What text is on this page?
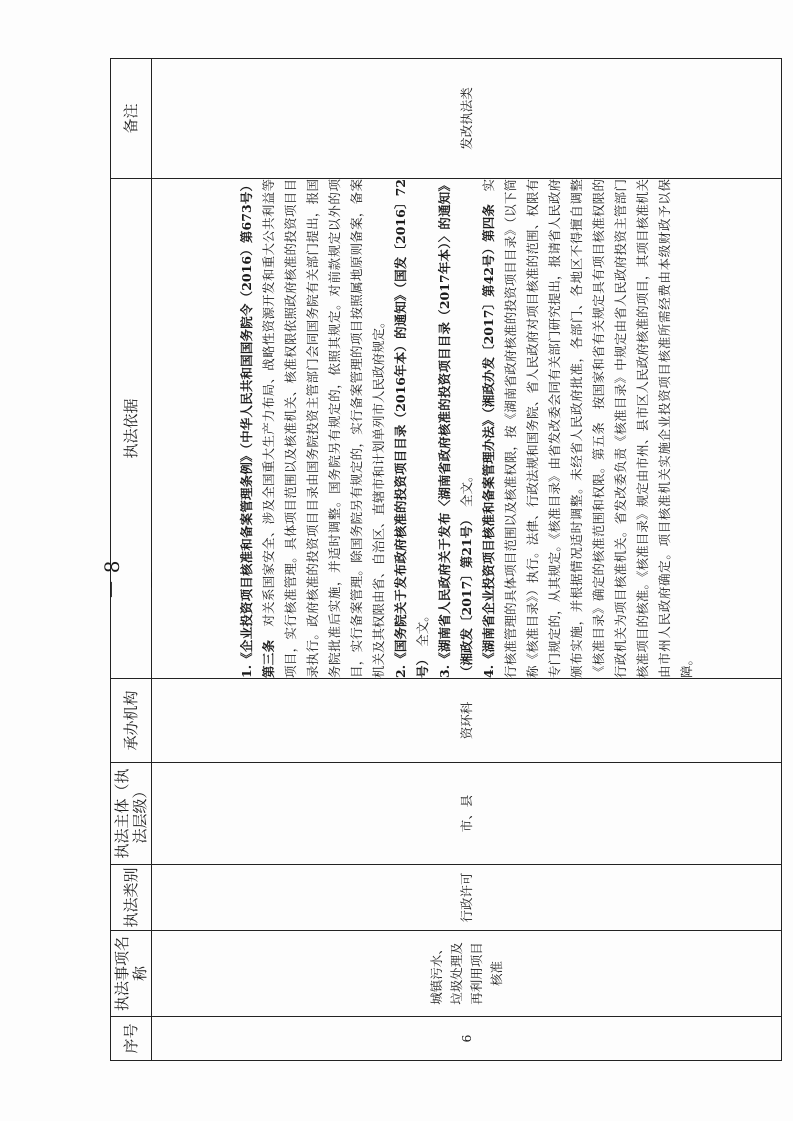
序号	执法事项名称	执法类别	执法主体（执法层级）	承办机构	执法依据	备注
6	城镇污水、垃圾处理及再利用项目核准	行政许可	市、县	资环科	1.《企业投资项目核准和备案管理条例》（中华人民共和国国务院令（2016）第673号）第三条　对关系国家安全、涉及全国重大生产力布局、战略性资源开发和重大公共利益等项目，实行核准管理。具体项目范围以及核准机关、核准权限依照政府核准的投资项目目录执行。政府核准的投资项目目录由国务院投资主管部门会同国务院有关部门提出，报国务院批准后实施，并适时调整。国务院另有规定的，依照其规定。对前款规定以外的项目，实行备案管理。除国务院另有规定的，实行备案管理的项目按照属地原则备案，备案机关及其权限由省、自治区、直辖市和计划单列市人民政府规定。 2.《国务院关于发布政府核准的投资项目目录（2016年本）的通知》（国发〔2016〕72号）　全文。 3.《湖南省人民政府关于发布〈湖南省政府核准的投资项目目录（2017年本）〉的通知》（湘政发〔2017〕第21号）　全文。 4.《湖南省企业投资项目核准和备案管理办法》（湘政办发〔2017〕第42号）第四条　实行核准管理的具体项目范围以及核准权限，按《湖南省政府核准的投资项目目录》（以下简称《核准目录》）执行。法律、行政法规和国务院、省人民政府对项目核准的范围、权限有专门规定的，从其规定。《核准目录》由省发改委会同有关部门研究提出，报请省人民政府颁布实施，并根据情况适时调整。未经省人民政府批准，各部门、各地区不得擅自调整《核准目录》确定的核准范围和权限。第五条　按国家和省有关规定具有项目核准权限的行政机关为项目核准机关。省发改委负责《核准目录》中规定由省人民政府投资主管部门核准项目的核准。《核准目录》规定由市州、县市区人民政府核准的项目，其项目核准机关由市州人民政府确定。项目核准机关实施企业投资项目核准所需经费由本级财政予以保障。	发改执法类
－ 8 －
